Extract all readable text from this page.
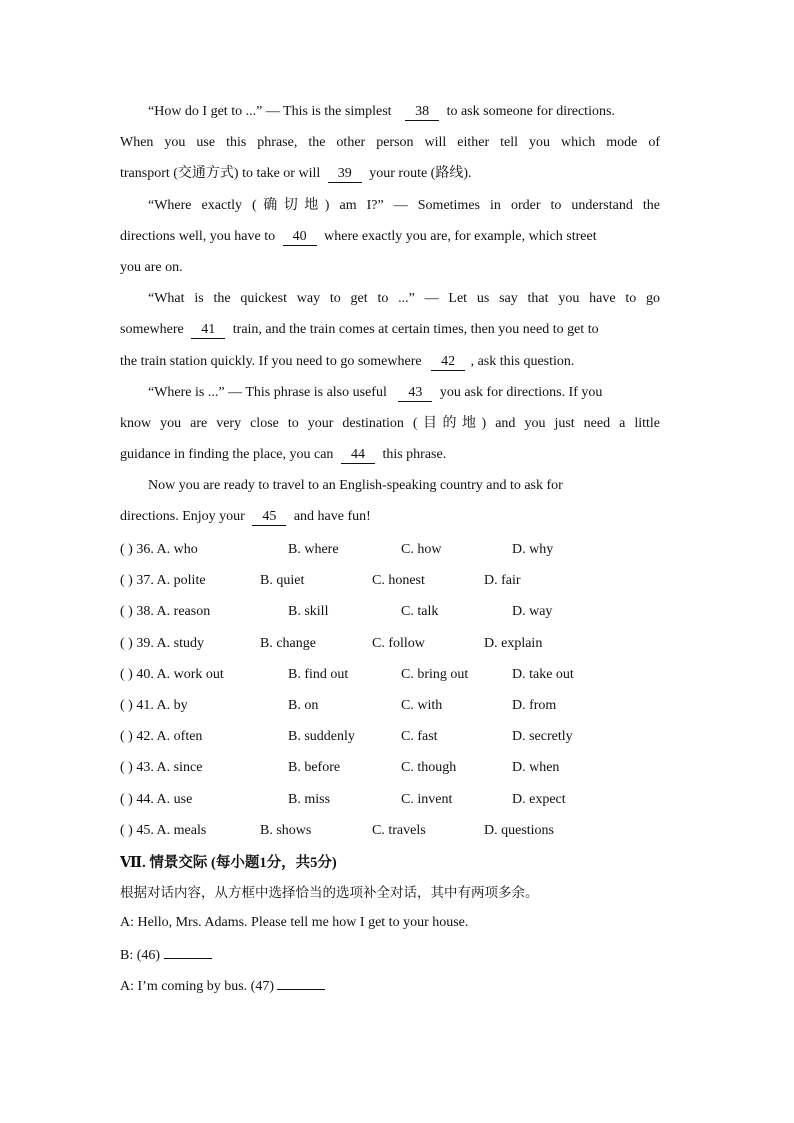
“How do I get to ...” — This is the simplest 38 to ask someone for directions.
When you use this phrase, the other person will either tell you which mode of
transport (交通方式) to take or will 39 your route (路线).
“Where exactly (确切地) am I?” — Sometimes in order to understand the
directions well, you have to 40 where exactly you are, for example, which street
you are on.
“What is the quickest way to get to ...” — Let us say that you have to go
somewhere 41 train, and the train comes at certain times, then you need to get to
the train station quickly. If you need to go somewhere 42 , ask this question.
“Where is ...” — This phrase is also useful 43 you ask for directions. If you
know you are very close to your destination (目的地) and you just need a little
guidance in finding the place, you can 44 this phrase.
Now you are ready to travel to an English-speaking country and to ask for
directions. Enjoy your 45 and have fun!
( ) 36. A. who	B. where	C. how	D. why
( ) 37. A. polite	B. quiet	C. honest	D. fair
( ) 38. A. reason	B. skill	C. talk	D. way
( ) 39. A. study	B. change	C. follow	D. explain
( ) 40. A. work out	B. find out	C. bring out	D. take out
( ) 41. A. by	B. on	C. with	D. from
( ) 42. A. often	B. suddenly	C. fast	D. secretly
( ) 43. A. since	B. before	C. though	D. when
( ) 44. A. use	B. miss	C. invent	D. expect
( ) 45. A. meals	B. shows	C. travels	D. questions
Ⅶ. 情景交际 (每小题1分，共5分)
根据对话内容，从方框中选择恰当的选项补全对话，其中有两项多余。
A: Hello, Mrs. Adams. Please tell me how I get to your house.
B: (46)
A: I’m coming by bus. (47)
